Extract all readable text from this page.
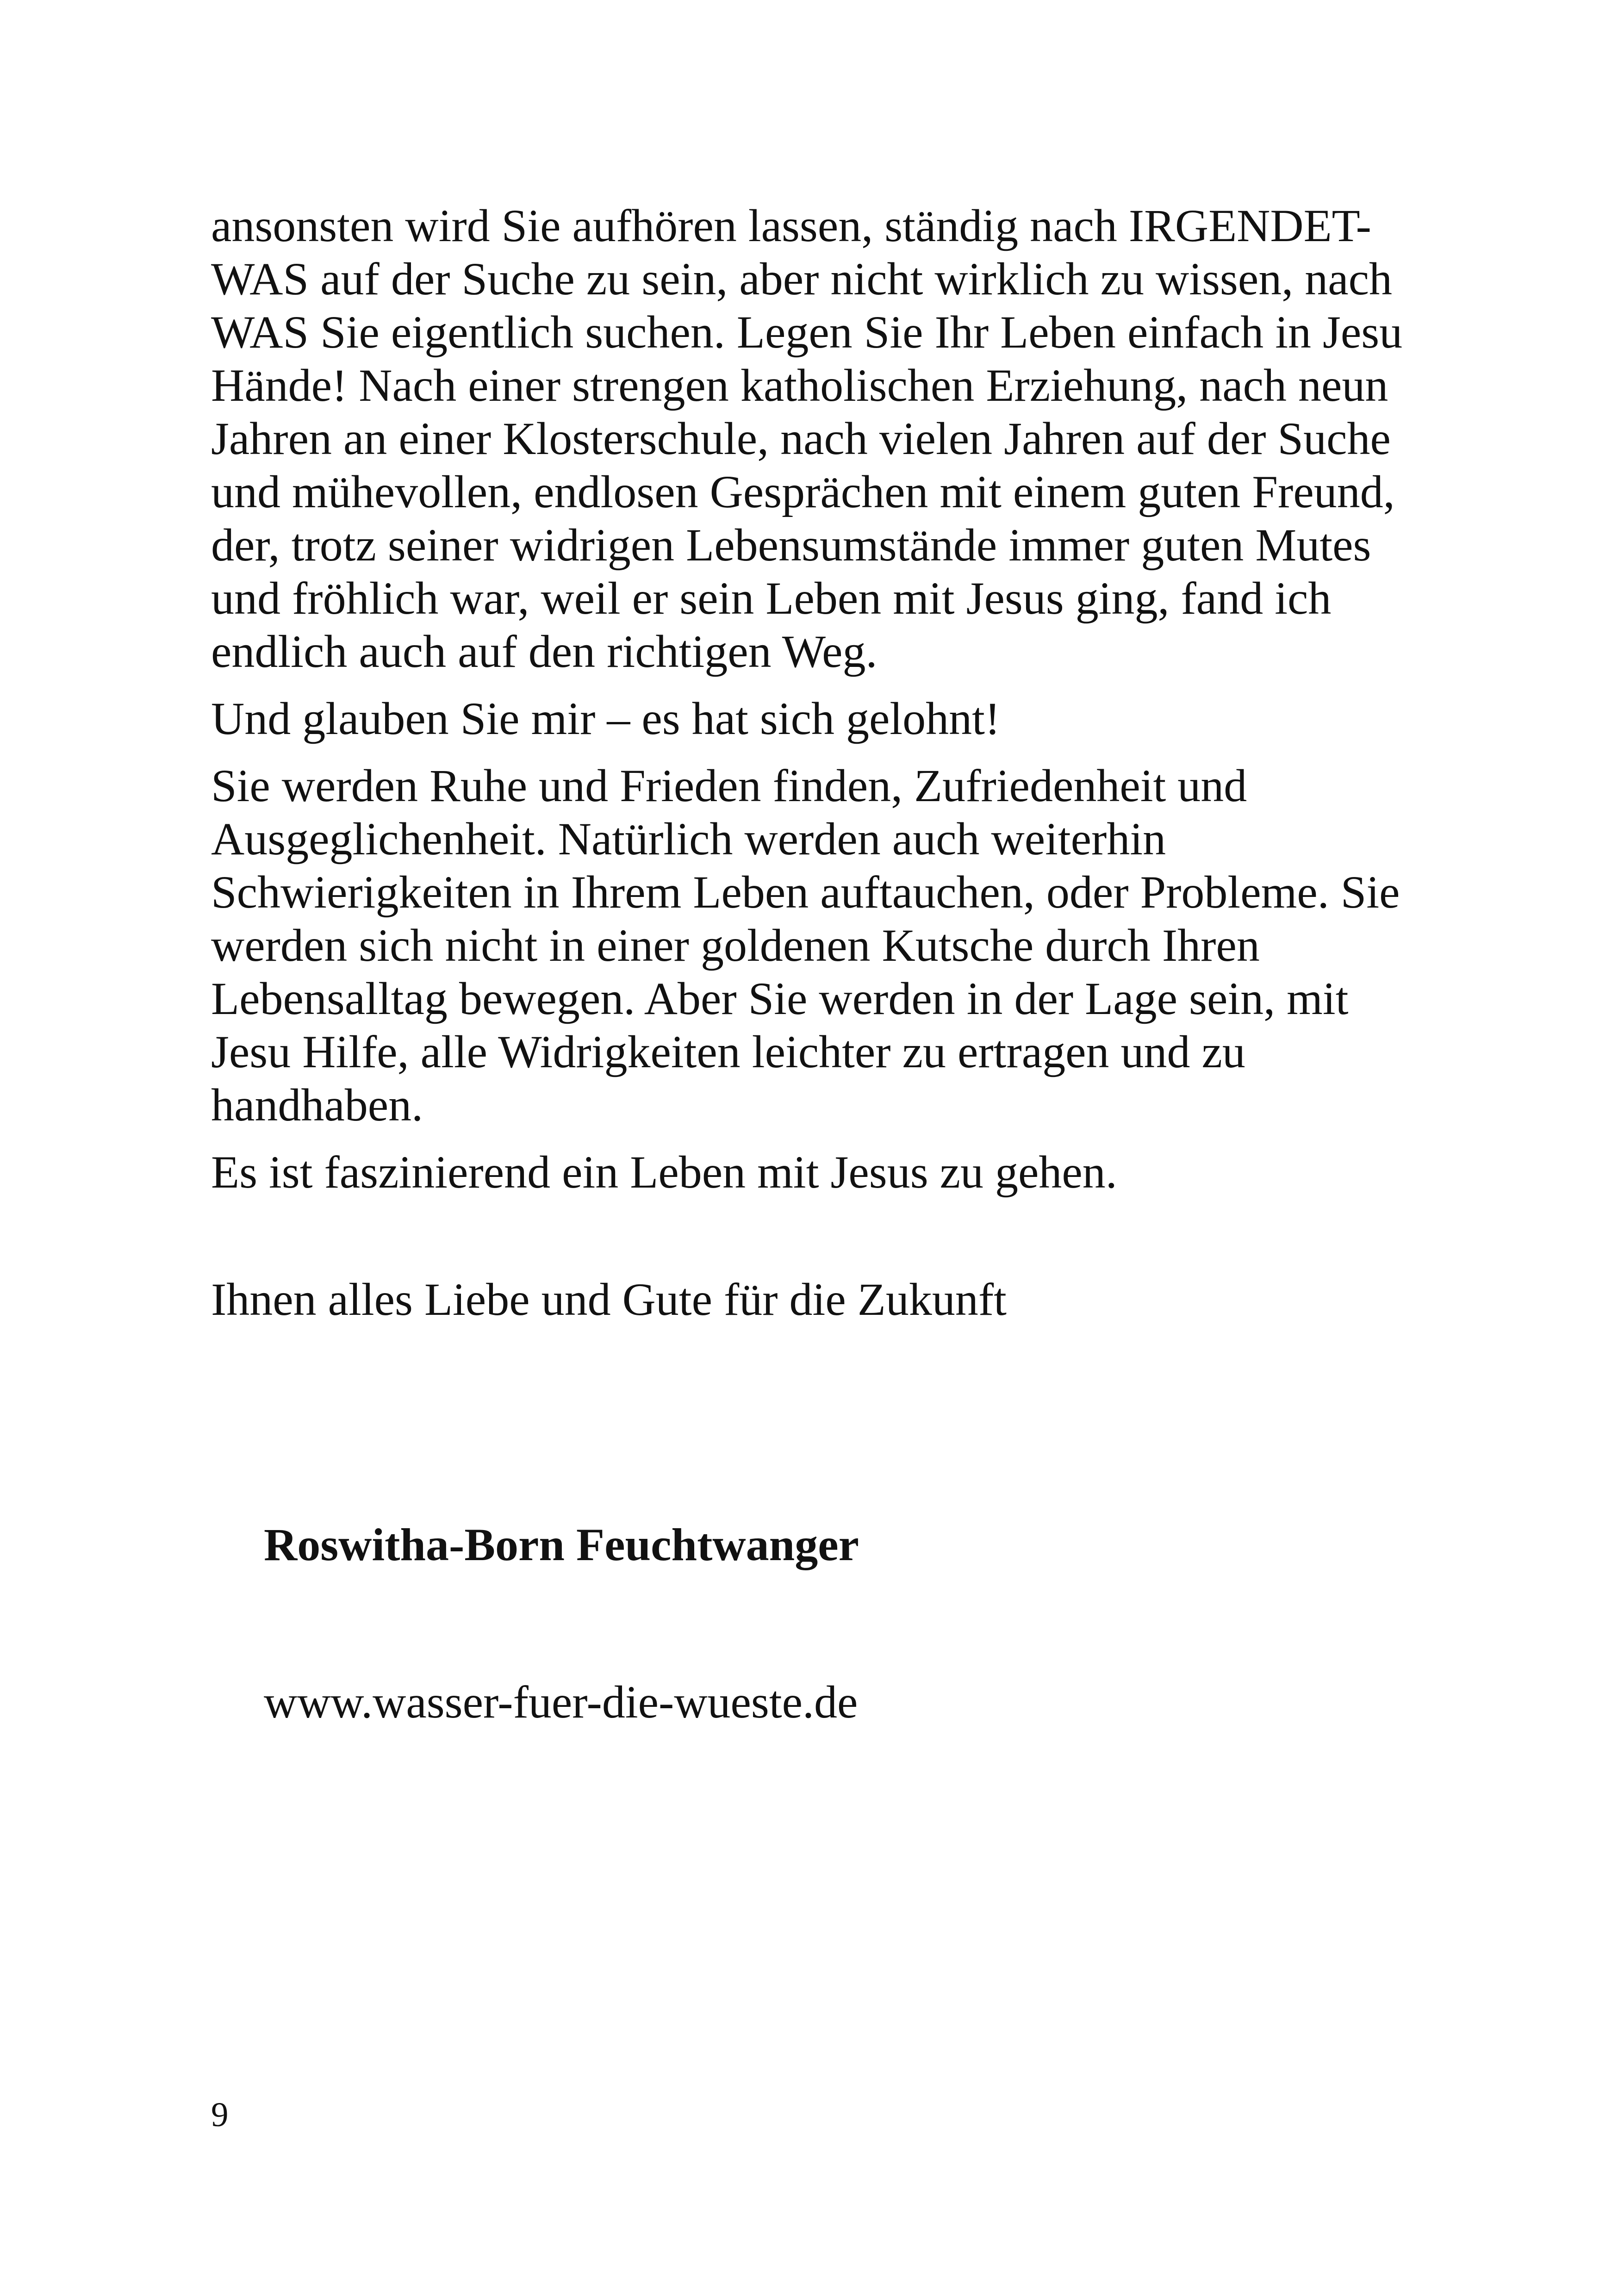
ansonsten wird Sie aufhören lassen, ständig nach IRGENDET-WAS auf der Suche zu sein, aber nicht wirklich zu wissen, nach WAS Sie eigentlich suchen. Legen Sie Ihr Leben einfach in Jesu Hände! Nach einer strengen katholischen Erziehung, nach neun Jahren an einer Klosterschule, nach vielen Jahren auf der Suche und mühevollen, endlosen Gesprächen mit einem guten Freund, der, trotz seiner widrigen Lebensumstände immer guten Mutes und fröhlich war, weil er sein Leben mit Jesus ging, fand ich endlich auch auf den richtigen Weg.

Und glauben Sie mir – es hat sich gelohnt!

Sie werden Ruhe und Frieden finden, Zufriedenheit und Ausgeglichenheit. Natürlich werden auch weiterhin Schwierigkeiten in Ihrem Leben auftauchen, oder Probleme. Sie werden sich nicht in einer goldenen Kutsche durch Ihren Lebensalltag bewegen. Aber Sie werden in der Lage sein, mit Jesu Hilfe, alle Widrigkeiten leichter zu ertragen und zu handhaben.

Es ist faszinierend ein Leben mit Jesus zu gehen.

Ihnen alles Liebe und Gute für die Zukunft

Roswitha-Born Feuchtwanger

www.wasser-fuer-die-wueste.de

9
